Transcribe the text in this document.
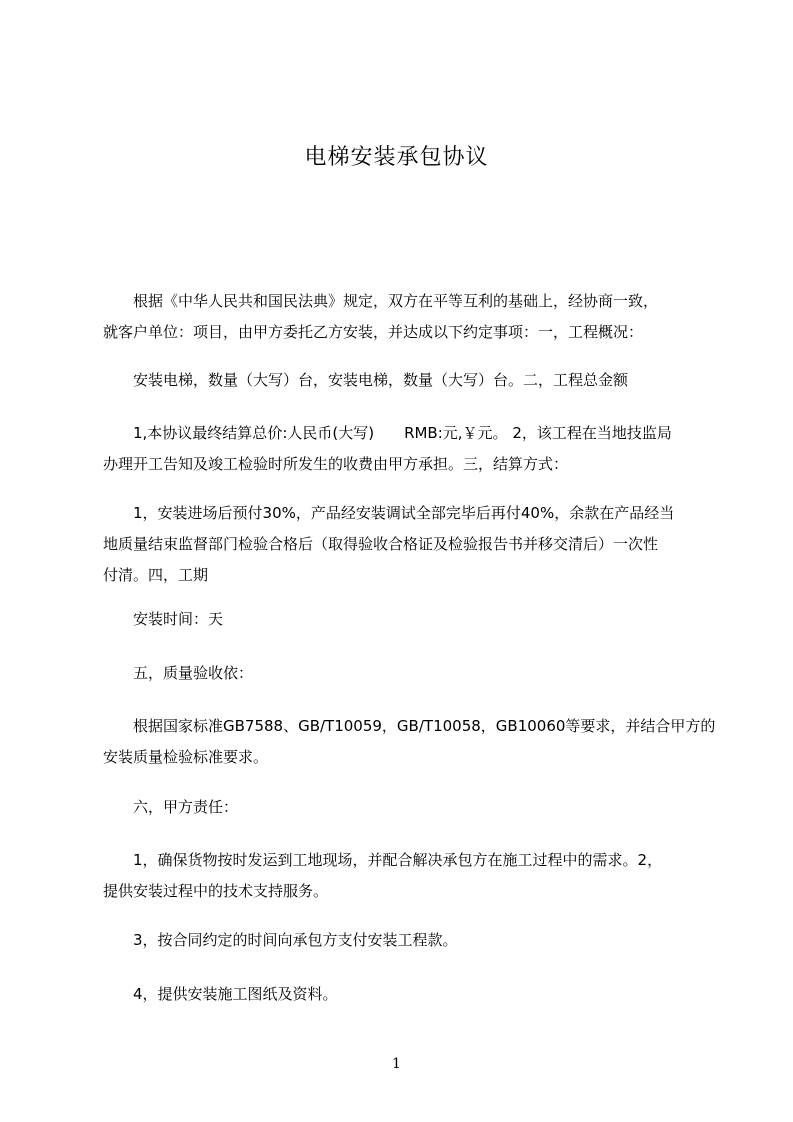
电梯安装承包协议

　　根据《中华人民共和国民法典》规定，双方在平等互利的基础上，经协商一致，
就客户单位：项目，由甲方委托乙方安装，并达成以下约定事项：一，工程概况：

　　安装电梯，数量（大写）台，安装电梯，数量（大写）台。二，工程总金额

　　1,本协议最终结算总价:人民币(大写)　　RMB:元,￥元。 2，该工程在当地技监局
办理开工告知及竣工检验时所发生的收费由甲方承担。三，结算方式：

　　1，安装进场后预付30%，产品经安装调试全部完毕后再付40%，余款在产品经当
地质量结束监督部门检验合格后（取得验收合格证及检验报告书并移交清后）一次性
付清。四，工期

　　安装时间：天

　　五，质量验收依：

　　根据国家标准GB7588、GB/T10059，GB/T10058，GB10060等要求，并结合甲方的
安装质量检验标准要求。

　　六，甲方责任：

　　1，确保货物按时发运到工地现场，并配合解决承包方在施工过程中的需求。2，
提供安装过程中的技术支持服务。

　　3，按合同约定的时间向承包方支付安装工程款。

　　4，提供安装施工图纸及资料。

1
